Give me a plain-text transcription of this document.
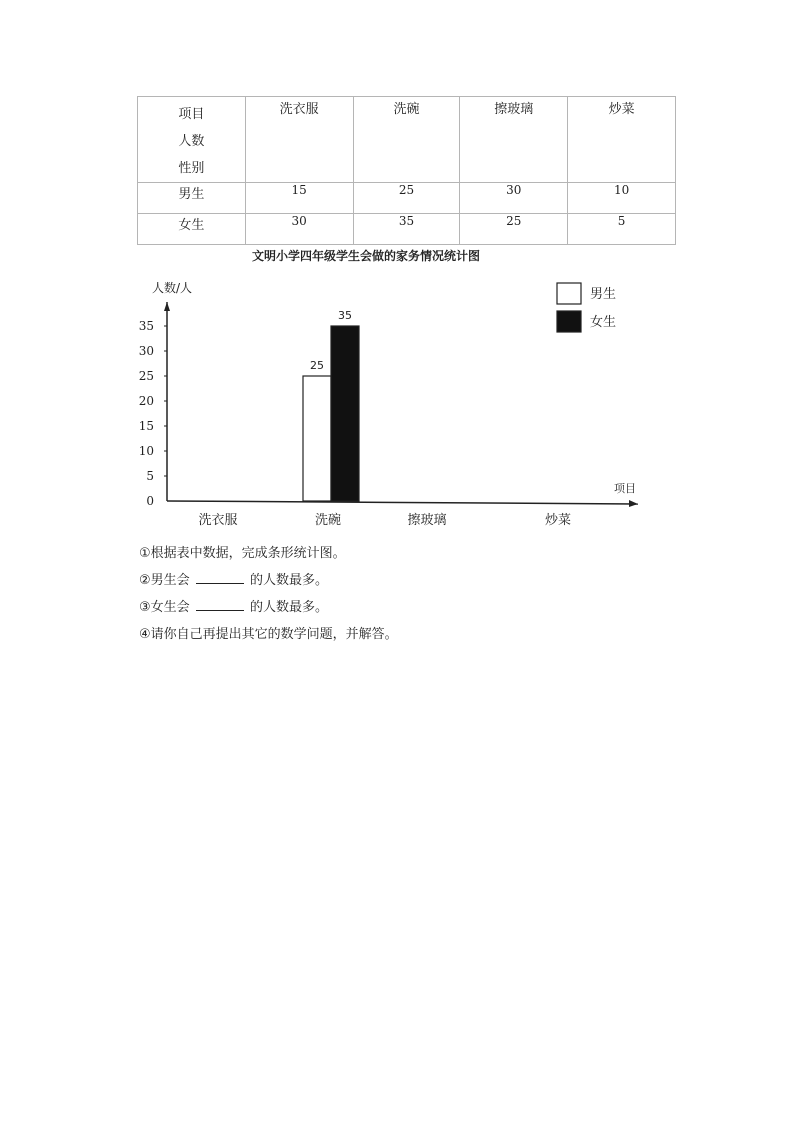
项目
人数
性别	洗衣服	洗碗	擦玻璃	炒菜

男生	15	25	30	10
女生	30	35	25	5
文明小学四年级学生会做的家务情况统计图
人数/人
项目
0
5
10
15
20
25
30
35
洗衣服	洗碗	擦玻璃	炒菜
25
35
男生
女生
①根据表中数据，完成条形统计图。
②男生会	的人数最多。
③女生会	的人数最多。
④请你自己再提出其它的数学问题，并解答。
